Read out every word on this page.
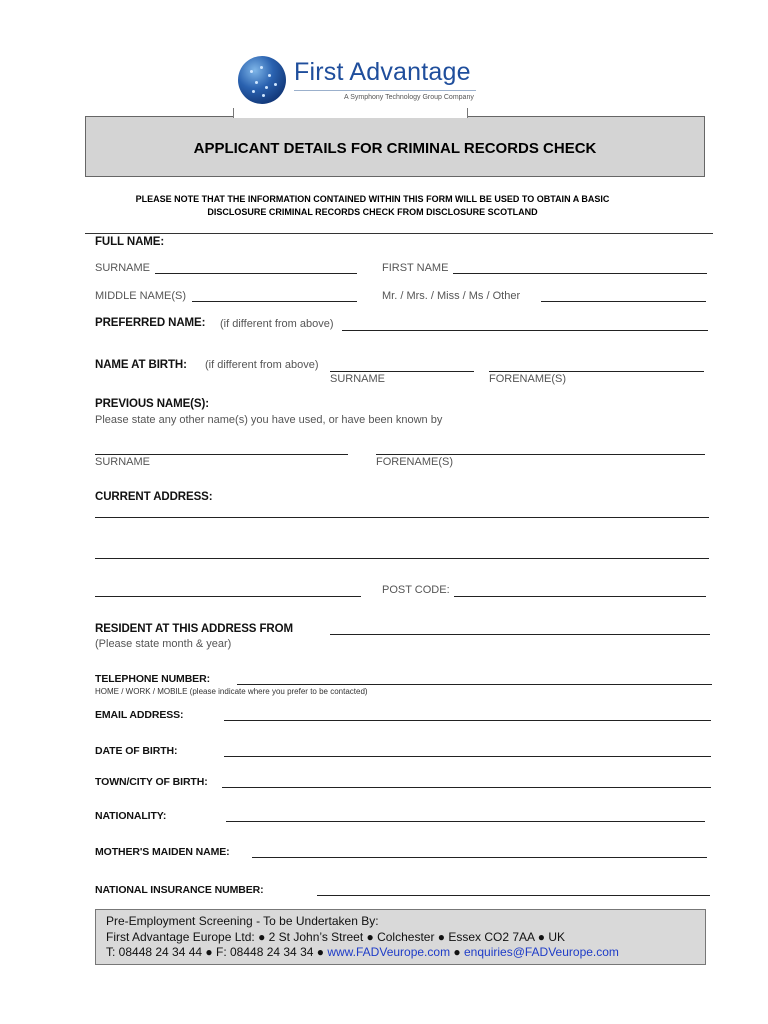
First Advantage
A Symphony Technology Group Company
APPLICANT DETAILS FOR CRIMINAL RECORDS CHECK
PLEASE NOTE THAT THE INFORMATION CONTAINED WITHIN THIS FORM WILL BE USED TO OBTAIN A BASIC
DISCLOSURE CRIMINAL RECORDS CHECK FROM DISCLOSURE SCOTLAND
FULL NAME:
SURNAME	FIRST NAME
MIDDLE NAME(S)	Mr. / Mrs. / Miss / Ms / Other
PREFERRED NAME: (if different from above)
NAME AT BIRTH: (if different from above)
SURNAME	FORENAME(S)
PREVIOUS NAME(S):
Please state any other name(s) you have used, or have been known by
SURNAME	FORENAME(S)
CURRENT ADDRESS:
POST CODE:
RESIDENT AT THIS ADDRESS FROM
(Please state month & year)
TELEPHONE NUMBER:
HOME / WORK / MOBILE (please indicate where you prefer to be contacted)
EMAIL ADDRESS:
DATE OF BIRTH:
TOWN/CITY OF BIRTH:
NATIONALITY:
MOTHER'S MAIDEN NAME:
NATIONAL INSURANCE NUMBER:
Pre-Employment Screening - To be Undertaken By:
First Advantage Europe Ltd: ● 2 St John’s Street ● Colchester ● Essex CO2 7AA ● UK
T: 08448 24 34 44 ● F: 08448 24 34 34 ● www.FADVeurope.com ● enquiries@FADVeurope.com
